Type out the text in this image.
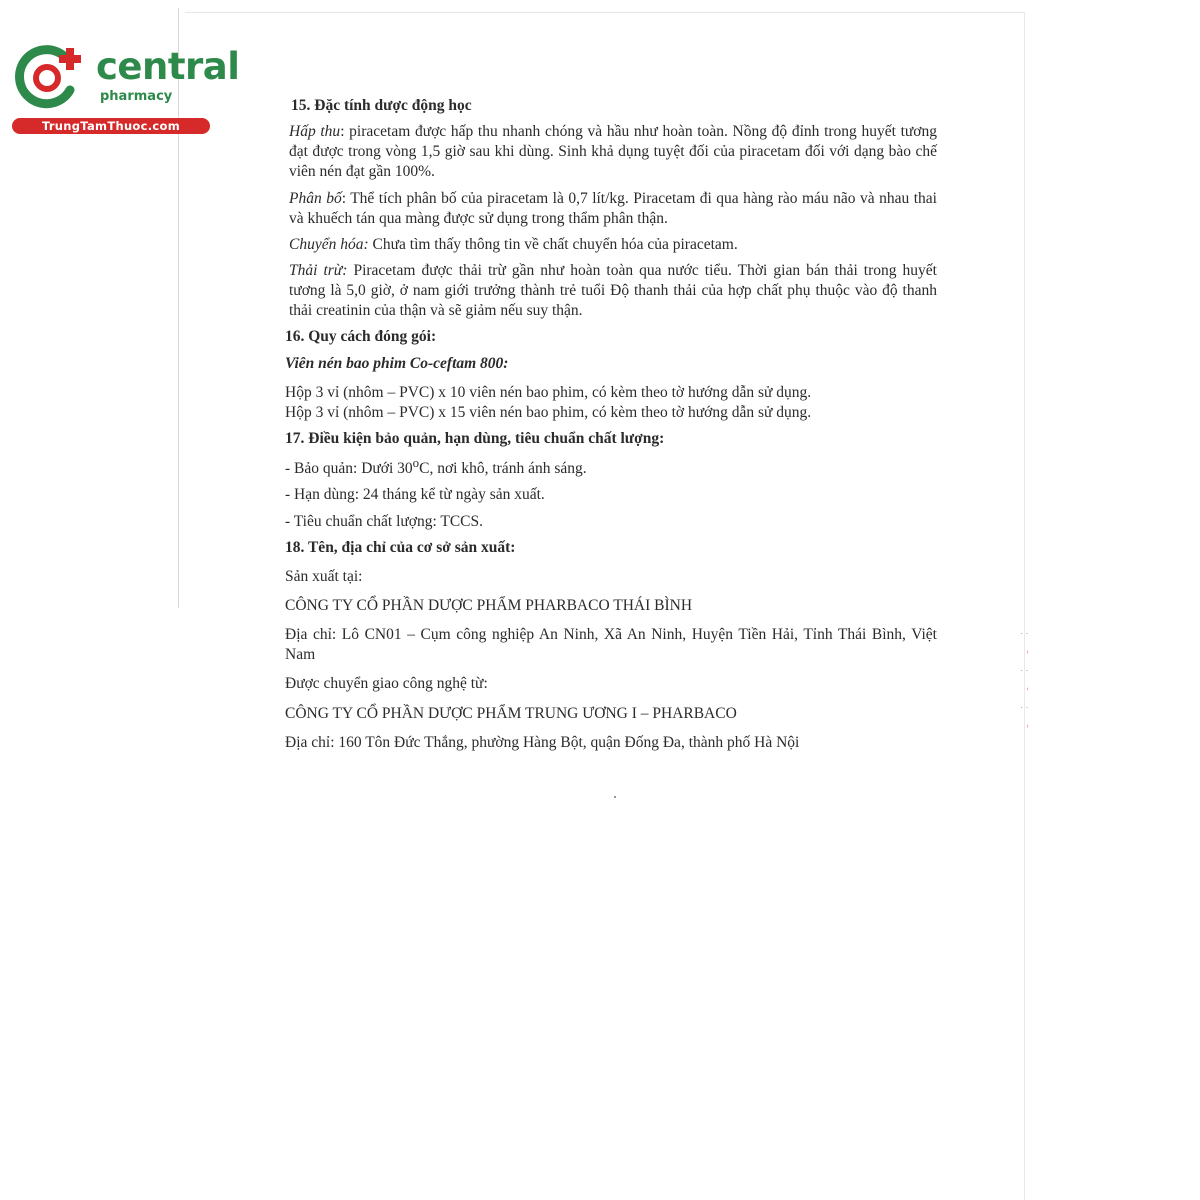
central
pharmacy
TrungTamThuoc.com

15. Đặc tính dược động học

Hấp thu: piracetam được hấp thu nhanh chóng và hầu như hoàn toàn. Nồng độ đỉnh trong huyết tương đạt được trong vòng 1,5 giờ sau khi dùng. Sinh khả dụng tuyệt đối của piracetam đối với dạng bào chế viên nén đạt gần 100%.

Phân bố: Thể tích phân bố của piracetam là 0,7 lít/kg. Piracetam đi qua hàng rào máu não và nhau thai và khuếch tán qua màng được sử dụng trong thẩm phân thận.

Chuyển hóa: Chưa tìm thấy thông tin về chất chuyển hóa của piracetam.

Thải trừ: Piracetam được thải trừ gần như hoàn toàn qua nước tiểu. Thời gian bán thải trong huyết tương là 5,0 giờ, ở nam giới trưởng thành trẻ tuổi Độ thanh thải của hợp chất phụ thuộc vào độ thanh thải creatinin của thận và sẽ giảm nếu suy thận.

16. Quy cách đóng gói:

Viên nén bao phim Co-ceftam 800:

Hộp 3 vỉ (nhôm – PVC) x 10 viên nén bao phim, có kèm theo tờ hướng dẫn sử dụng.

Hộp 3 vỉ (nhôm – PVC) x 15 viên nén bao phim, có kèm theo tờ hướng dẫn sử dụng.

17. Điều kiện bảo quản, hạn dùng, tiêu chuẩn chất lượng:

- Bảo quản: Dưới 30$^o$C, nơi khô, tránh ánh sáng.

- Hạn dùng: 24 tháng kể từ ngày sản xuất.

- Tiêu chuẩn chất lượng: TCCS.

18. Tên, địa chỉ của cơ sở sản xuất:

Sản xuất tại:

CÔNG TY CỔ PHẦN DƯỢC PHẨM PHARBACO THÁI BÌNH

Địa chỉ: Lô CN01 – Cụm công nghiệp An Ninh, Xã An Ninh, Huyện Tiền Hải, Tỉnh Thái Bình, Việt Nam

Được chuyển giao công nghệ từ:

CÔNG TY CỔ PHẦN DƯỢC PHẨM TRUNG ƯƠNG I – PHARBACO

Địa chỉ: 160 Tôn Đức Thắng, phường Hàng Bột, quận Đống Đa, thành phố Hà Nội

⁚ ˘ ⁚ ˘ ⁚ ˘
